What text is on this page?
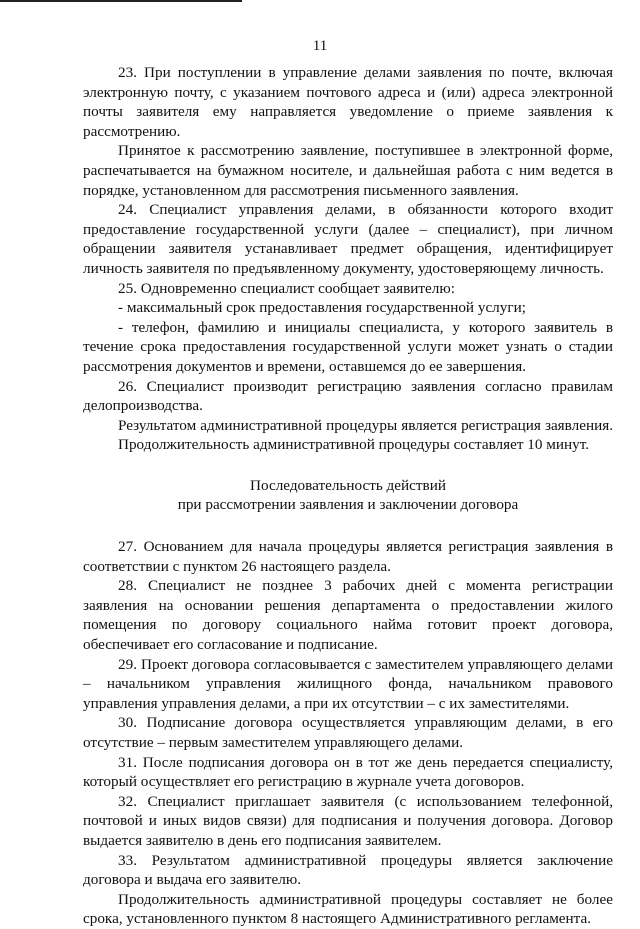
11

23. При поступлении в управление делами заявления по почте, включая электронную почту, с указанием почтового адреса и (или) адреса электронной почты заявителя ему направляется уведомление о приеме заявления к рассмотрению.

Принятое к рассмотрению заявление, поступившее в электронной форме, распечатывается на бумажном носителе, и дальнейшая работа с ним ведется в порядке, установленном для рассмотрения письменного заявления.

24. Специалист управления делами, в обязанности которого входит предоставление государственной услуги (далее – специалист), при личном обращении заявителя устанавливает предмет обращения, идентифицирует личность заявителя по предъявленному документу, удостоверяющему личность.

25. Одновременно специалист сообщает заявителю:

- максимальный срок предоставления государственной услуги;

- телефон, фамилию и инициалы специалиста, у которого заявитель в течение срока предоставления государственной услуги может узнать о стадии рассмотрения документов и времени, оставшемся до ее завершения.

26. Специалист производит регистрацию заявления согласно правилам делопроизводства.

Результатом административной процедуры является регистрация заявления.

Продолжительность административной процедуры составляет 10 минут.

Последовательность действий

при рассмотрении заявления и заключении договора

27. Основанием для начала процедуры является регистрация заявления в соответствии с пунктом 26 настоящего раздела.

28. Специалист не позднее 3 рабочих дней с момента регистрации заявления на основании решения департамента о предоставлении жилого помещения по договору социального найма готовит проект договора, обеспечивает его согласование и подписание.

29. Проект договора согласовывается с заместителем управляющего делами – начальником управления жилищного фонда, начальником правового управления управления делами, а при их отсутствии – с их заместителями.

30. Подписание договора осуществляется управляющим делами, в его отсутствие – первым заместителем управляющего делами.

31. После подписания договора он в тот же день передается специалисту, который осуществляет его регистрацию в журнале учета договоров.

32. Специалист приглашает заявителя (с использованием телефонной, почтовой и иных видов связи) для подписания и получения договора. Договор выдается заявителю в день его подписания заявителем.

33. Результатом административной процедуры является заключение договора и выдача его заявителю.

Продолжительность административной процедуры составляет не более срока, установленного пунктом 8 настоящего Административного регламента.
